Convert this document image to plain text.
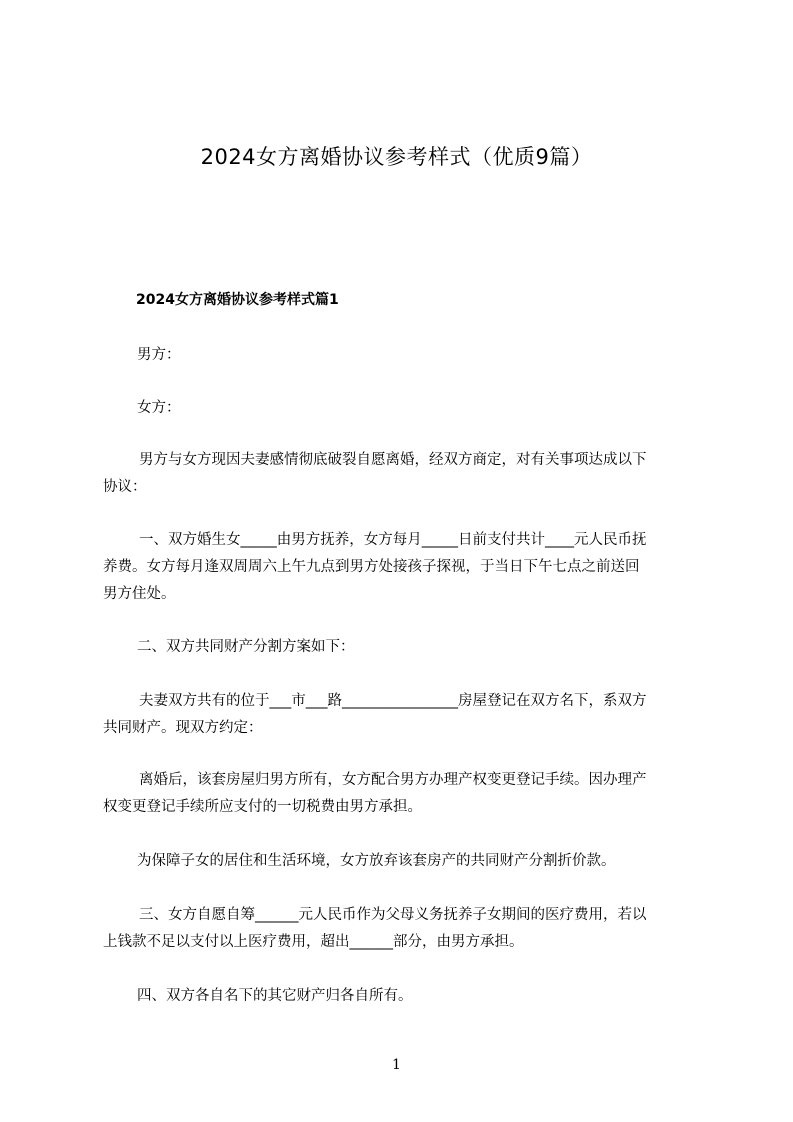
2024女方离婚协议参考样式（优质9篇）
2024女方离婚协议参考样式篇1
男方：
女方：
男方与女方现因夫妻感情彻底破裂自愿离婚，经双方商定，对有关事项达成以下
协议：
一、双方婚生女_____由男方抚养，女方每月_____日前支付共计____元人民币抚
养费。女方每月逢双周周六上午九点到男方处接孩子探视，于当日下午七点之前送回
男方住处。
二、双方共同财产分割方案如下：
夫妻双方共有的位于___市___路________________房屋登记在双方名下，系双方
共同财产。现双方约定：
离婚后，该套房屋归男方所有，女方配合男方办理产权变更登记手续。因办理产
权变更登记手续所应支付的一切税费由男方承担。
为保障子女的居住和生活环境，女方放弃该套房产的共同财产分割折价款。
三、女方自愿自筹______元人民币作为父母义务抚养子女期间的医疗费用，若以
上钱款不足以支付以上医疗费用，超出______部分，由男方承担。
四、双方各自名下的其它财产归各自所有。
1
